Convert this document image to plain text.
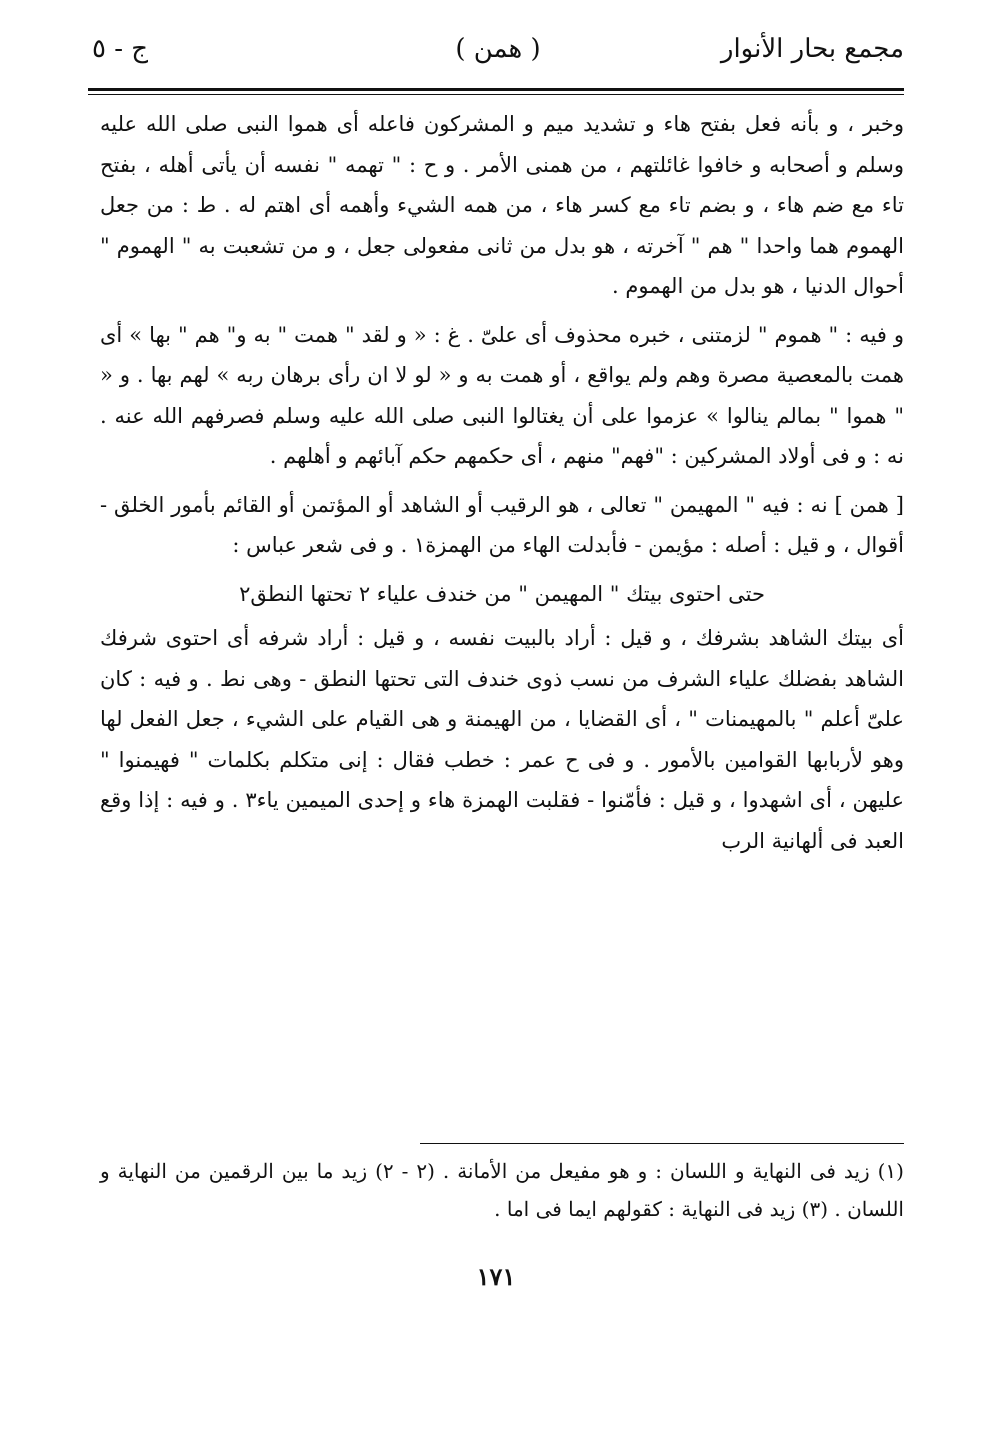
مجمع بحار الأنوار
( همن )
ج - ٥

وخبر ، و بأنه فعل بفتح هاء و تشديد ميم و المشركون فاعله أى هموا النبى صلى الله عليه وسلم و أصحابه و خافوا غائلتهم ، من همنى الأمر . و ح : " تهمه " نفسه أن يأتى أهله ، بفتح تاء مع ضم هاء ، و بضم تاء مع كسر هاء ، من همه الشيء وأهمه أى اهتم له . ط : من جعل الهموم هما واحدا " هم " آخرته ، هو بدل من ثانى مفعولى جعل ، و من تشعبت به " الهموم " أحوال الدنيا ، هو بدل من الهموم .

و فيه : " هموم " لزمتنى ، خبره محذوف أى علىّ . غ : « و لقد " همت " به و" هم " بها » أى همت بالمعصية مصرة وهم ولم يواقع ، أو همت به و « لو لا ان رأى برهان ربه » لهم بها . و « " هموا " بمالم ينالوا » عزموا على أن يغتالوا النبى صلى الله عليه وسلم فصرفهم الله عنه . نه : و فى أولاد المشركين : "فهم" منهم ، أى حكمهم حكم آبائهم و أهلهم .

[ همن ] نه : فيه " المهيمن " تعالى ، هو الرقيب أو الشاهد أو المؤتمن أو القائم بأمور الخلق - أقوال ، و قيل : أصله : مؤيمن - فأبدلت الهاء من الهمزة١ . و فى شعر عباس :

حتى احتوى بيتك " المهيمن " من خندف علياء ٢ تحتها النطق٢

أى بيتك الشاهد بشرفك ، و قيل : أراد بالبيت نفسه ، و قيل : أراد شرفه أى احتوى شرفك الشاهد بفضلك علياء الشرف من نسب ذوى خندف التى تحتها النطق - وهى نط . و فيه : كان علىّ أعلم " بالمهيمنات " ، أى القضايا ، من الهيمنة و هى القيام على الشيء ، جعل الفعل لها وهو لأربابها القوامين بالأمور . و فى ح عمر : خطب فقال : إنى متكلم بكلمات " فهيمنوا " عليهن ، أى اشهدوا ، و قيل : فأمّنوا - فقلبت الهمزة هاء و إحدى الميمين ياء٣ . و فيه : إذا وقع العبد فى ألهانية الرب

(١) زيد فى النهاية و اللسان : و هو مفيعل من الأمانة . (٢ - ٢) زيد ما بين الرقمين من النهاية و اللسان . (٣) زيد فى النهاية : كقولهم ايما فى اما .

١٧١
